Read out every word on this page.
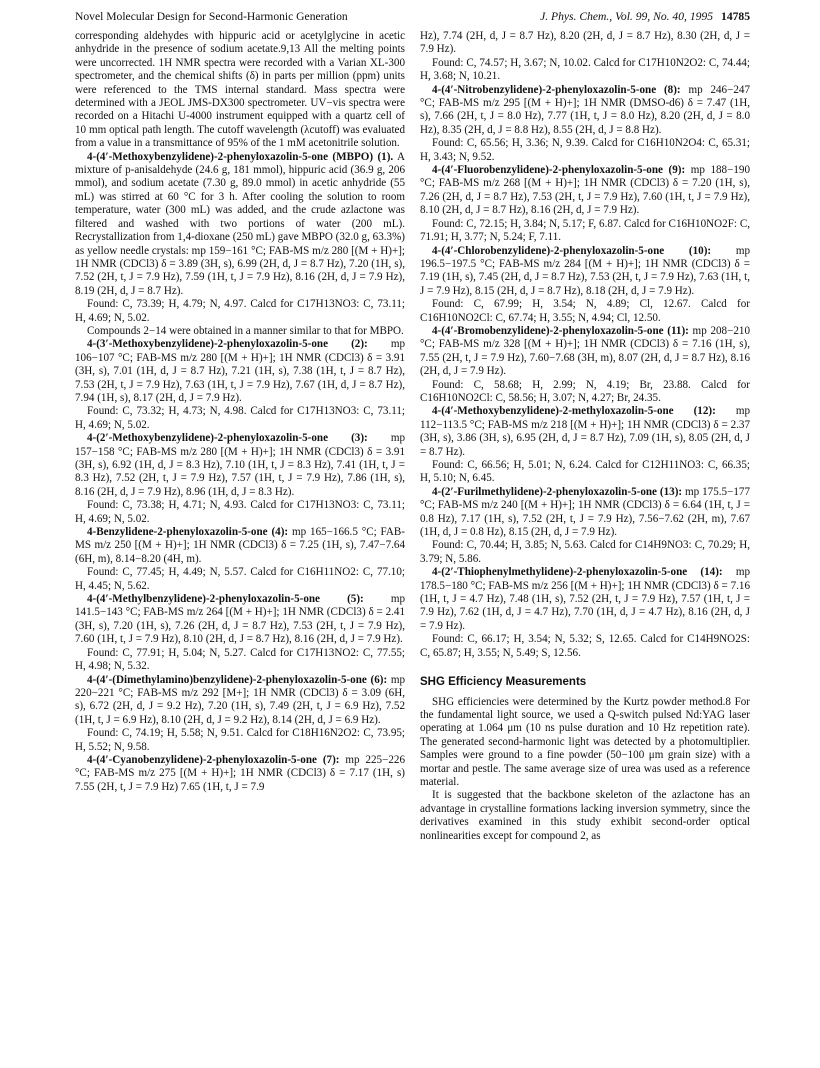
Novel Molecular Design for Second-Harmonic Generation	J. Phys. Chem., Vol. 99, No. 40, 1995 14785

corresponding aldehydes with hippuric acid or acetylglycine in acetic anhydride in the presence of sodium acetate.9,13 All the melting points were uncorrected. 1H NMR spectra were recorded with a Varian XL-300 spectrometer, and the chemical shifts (δ) in parts per million (ppm) units were referenced to the TMS internal standard. Mass spectra were determined with a JEOL JMS-DX300 spectrometer. UV−vis spectra were recorded on a Hitachi U-4000 instrument equipped with a quartz cell of 10 mm optical path length. The cutoff wavelength (λcutoff) was evaluated from a value in a transmittance of 95% of the 1 mM acetonitrile solution.

4-(4′-Methoxybenzylidene)-2-phenyloxazolin-5-one (MBPO) (1). A mixture of p-anisaldehyde (24.6 g, 181 mmol), hippuric acid (36.9 g, 206 mmol), and sodium acetate (7.30 g, 89.0 mmol) in acetic anhydride (55 mL) was stirred at 60 °C for 3 h. After cooling the solution to room temperature, water (300 mL) was added, and the crude azlactone was filtered and washed with two portions of water (200 mL). Recrystallization from 1,4-dioxane (250 mL) gave MBPO (32.0 g, 63.3%) as yellow needle crystals: mp 159−161 °C; FAB-MS m/z 280 [(M + H)+]; 1H NMR (CDCl3) δ = 3.89 (3H, s), 6.99 (2H, d, J = 8.7 Hz), 7.20 (1H, s), 7.52 (2H, t, J = 7.9 Hz), 7.59 (1H, t, J = 7.9 Hz), 8.16 (2H, d, J = 7.9 Hz), 8.19 (2H, d, J = 8.7 Hz).

Found: C, 73.39; H, 4.79; N, 4.97. Calcd for C17H13NO3: C, 73.11; H, 4.69; N, 5.02.

Compounds 2−14 were obtained in a manner similar to that for MBPO.

4-(3′-Methoxybenzylidene)-2-phenyloxazolin-5-one (2): mp 106−107 °C; FAB-MS m/z 280 [(M + H)+]; 1H NMR (CDCl3) δ = 3.91 (3H, s), 7.01 (1H, d, J = 8.7 Hz), 7.21 (1H, s), 7.38 (1H, t, J = 8.7 Hz), 7.53 (2H, t, J = 7.9 Hz), 7.63 (1H, t, J = 7.9 Hz), 7.67 (1H, d, J = 8.7 Hz), 7.94 (1H, s), 8.17 (2H, d, J = 7.9 Hz).

Found: C, 73.32; H, 4.73; N, 4.98. Calcd for C17H13NO3: C, 73.11; H, 4.69; N, 5.02.

4-(2′-Methoxybenzylidene)-2-phenyloxazolin-5-one (3): mp 157−158 °C; FAB-MS m/z 280 [(M + H)+]; 1H NMR (CDCl3) δ = 3.91 (3H, s), 6.92 (1H, d, J = 8.3 Hz), 7.10 (1H, t, J = 8.3 Hz), 7.41 (1H, t, J = 8.3 Hz), 7.52 (2H, t, J = 7.9 Hz), 7.57 (1H, t, J = 7.9 Hz), 7.86 (1H, s), 8.16 (2H, d, J = 7.9 Hz), 8.96 (1H, d, J = 8.3 Hz).

Found: C, 73.38; H, 4.71; N, 4.93. Calcd for C17H13NO3: C, 73.11; H, 4.69; N, 5.02.

4-Benzylidene-2-phenyloxazolin-5-one (4): mp 165−166.5 °C; FAB-MS m/z 250 [(M + H)+]; 1H NMR (CDCl3) δ = 7.25 (1H, s), 7.47−7.64 (6H, m), 8.14−8.20 (4H, m).

Found: C, 77.45; H, 4.49; N, 5.57. Calcd for C16H11NO2: C, 77.10; H, 4.45; N, 5.62.

4-(4′-Methylbenzylidene)-2-phenyloxazolin-5-one (5): mp 141.5−143 °C; FAB-MS m/z 264 [(M + H)+]; 1H NMR (CDCl3) δ = 2.41 (3H, s), 7.20 (1H, s), 7.26 (2H, d, J = 8.7 Hz), 7.53 (2H, t, J = 7.9 Hz), 7.60 (1H, t, J = 7.9 Hz), 8.10 (2H, d, J = 8.7 Hz), 8.16 (2H, d, J = 7.9 Hz).

Found: C, 77.91; H, 5.04; N, 5.27. Calcd for C17H13NO2: C, 77.55; H, 4.98; N, 5.32.

4-(4′-(Dimethylamino)benzylidene)-2-phenyloxazolin-5-one (6): mp 220−221 °C; FAB-MS m/z 292 [M+]; 1H NMR (CDCl3) δ = 3.09 (6H, s), 6.72 (2H, d, J = 9.2 Hz), 7.20 (1H, s), 7.49 (2H, t, J = 6.9 Hz), 7.52 (1H, t, J = 6.9 Hz), 8.10 (2H, d, J = 9.2 Hz), 8.14 (2H, d, J = 6.9 Hz).

Found: C, 74.19; H, 5.58; N, 9.51. Calcd for C18H16N2O2: C, 73.95; H, 5.52; N, 9.58.

4-(4′-Cyanobenzylidene)-2-phenyloxazolin-5-one (7): mp 225−226 °C; FAB-MS m/z 275 [(M + H)+]; 1H NMR (CDCl3) δ = 7.17 (1H, s) 7.55 (2H, t, J = 7.9 Hz) 7.65 (1H, t, J = 7.9

Hz), 7.74 (2H, d, J = 8.7 Hz), 8.20 (2H, d, J = 8.7 Hz), 8.30 (2H, d, J = 7.9 Hz).

Found: C, 74.57; H, 3.67; N, 10.02. Calcd for C17H10N2O2: C, 74.44; H, 3.68; N, 10.21.

4-(4′-Nitrobenzylidene)-2-phenyloxazolin-5-one (8): mp 246−247 °C; FAB-MS m/z 295 [(M + H)+]; 1H NMR (DMSO-d6) δ = 7.47 (1H, s), 7.66 (2H, t, J = 8.0 Hz), 7.77 (1H, t, J = 8.0 Hz), 8.20 (2H, d, J = 8.0 Hz), 8.35 (2H, d, J = 8.8 Hz), 8.55 (2H, d, J = 8.8 Hz).

Found: C, 65.56; H, 3.36; N, 9.39. Calcd for C16H10N2O4: C, 65.31; H, 3.43; N, 9.52.

4-(4′-Fluorobenzylidene)-2-phenyloxazolin-5-one (9): mp 188−190 °C; FAB-MS m/z 268 [(M + H)+]; 1H NMR (CDCl3) δ = 7.20 (1H, s), 7.26 (2H, d, J = 8.7 Hz), 7.53 (2H, t, J = 7.9 Hz), 7.60 (1H, t, J = 7.9 Hz), 8.10 (2H, d, J = 8.7 Hz), 8.16 (2H, d, J = 7.9 Hz).

Found: C, 72.15; H, 3.84; N, 5.17; F, 6.87. Calcd for C16H10NO2F: C, 71.91; H, 3.77; N, 5.24; F, 7.11.

4-(4′-Chlorobenzylidene)-2-phenyloxazolin-5-one (10): mp 196.5−197.5 °C; FAB-MS m/z 284 [(M + H)+]; 1H NMR (CDCl3) δ = 7.19 (1H, s), 7.45 (2H, d, J = 8.7 Hz), 7.53 (2H, t, J = 7.9 Hz), 7.63 (1H, t, J = 7.9 Hz), 8.15 (2H, d, J = 8.7 Hz), 8.18 (2H, d, J = 7.9 Hz).

Found: C, 67.99; H, 3.54; N, 4.89; Cl, 12.67. Calcd for C16H10NO2Cl: C, 67.74; H, 3.55; N, 4.94; Cl, 12.50.

4-(4′-Bromobenzylidene)-2-phenyloxazolin-5-one (11): mp 208−210 °C; FAB-MS m/z 328 [(M + H)+]; 1H NMR (CDCl3) δ = 7.16 (1H, s), 7.55 (2H, t, J = 7.9 Hz), 7.60−7.68 (3H, m), 8.07 (2H, d, J = 8.7 Hz), 8.16 (2H, d, J = 7.9 Hz).

Found: C, 58.68; H, 2.99; N, 4.19; Br, 23.88. Calcd for C16H10NO2Cl: C, 58.56; H, 3.07; N, 4.27; Br, 24.35.

4-(4′-Methoxybenzylidene)-2-methyloxazolin-5-one (12): mp 112−113.5 °C; FAB-MS m/z 218 [(M + H)+]; 1H NMR (CDCl3) δ = 2.37 (3H, s), 3.86 (3H, s), 6.95 (2H, d, J = 8.7 Hz), 7.09 (1H, s), 8.05 (2H, d, J = 8.7 Hz).

Found: C, 66.56; H, 5.01; N, 6.24. Calcd for C12H11NO3: C, 66.35; H, 5.10; N, 6.45.

4-(2′-Furilmethylidene)-2-phenyloxazolin-5-one (13): mp 175.5−177 °C; FAB-MS m/z 240 [(M + H)+]; 1H NMR (CDCl3) δ = 6.64 (1H, t, J = 0.8 Hz), 7.17 (1H, s), 7.52 (2H, t, J = 7.9 Hz), 7.56−7.62 (2H, m), 7.67 (1H, d, J = 0.8 Hz), 8.15 (2H, d, J = 7.9 Hz).

Found: C, 70.44; H, 3.85; N, 5.63. Calcd for C14H9NO3: C, 70.29; H, 3.79; N, 5.86.

4-(2′-Thiophenylmethylidene)-2-phenyloxazolin-5-one (14): mp 178.5−180 °C; FAB-MS m/z 256 [(M + H)+]; 1H NMR (CDCl3) δ = 7.16 (1H, t, J = 4.7 Hz), 7.48 (1H, s), 7.52 (2H, t, J = 7.9 Hz), 7.57 (1H, t, J = 7.9 Hz), 7.62 (1H, d, J = 4.7 Hz), 7.70 (1H, d, J = 4.7 Hz), 8.16 (2H, d, J = 7.9 Hz).

Found: C, 66.17; H, 3.54; N, 5.32; S, 12.65. Calcd for C14H9NO2S: C, 65.87; H, 3.55; N, 5.49; S, 12.56.

SHG Efficiency Measurements

SHG efficiencies were determined by the Kurtz powder method.8 For the fundamental light source, we used a Q-switch pulsed Nd:YAG laser operating at 1.064 μm (10 ns pulse duration and 10 Hz repetition rate). The generated second-harmonic light was detected by a photomultiplier. Samples were ground to a fine powder (50−100 μm grain size) with a mortar and pestle. The same average size of urea was used as a reference material.

It is suggested that the backbone skeleton of the azlactone has an advantage in crystalline formations lacking inversion symmetry, since the derivatives examined in this study exhibit second-order optical nonlinearities except for compound 2, as
